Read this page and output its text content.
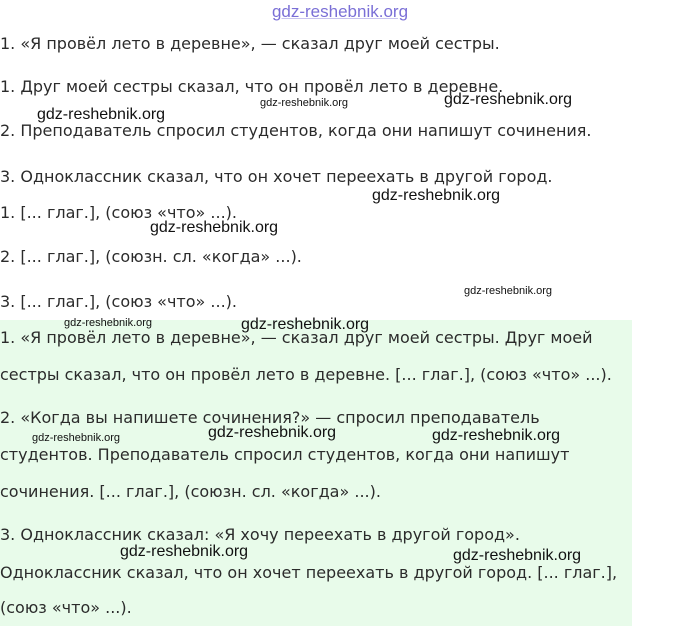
gdz-reshebnik.org
1. «Я провёл лето в деревне», — сказал друг моей сестры.
1. Друг моей сестры сказал, что он провёл лето в деревне.
2. Преподаватель спросил студентов, когда они напишут сочинения.
3. Одноклассник сказал, что он хочет переехать в другой город.
1. [... глаг.], (союз «что» ...).
2. [... глаг.], (союзн. сл. «когда» ...).
3. [... глаг.], (союз «что» ...).
1. «Я провёл лето в деревне», — сказал друг моей сестры. Друг моей
сестры сказал, что он провёл лето в деревне. [... глаг.], (союз «что» ...).
2. «Когда вы напишете сочинения?» — спросил преподаватель
студентов. Преподаватель спросил студентов, когда они напишут
сочинения. [... глаг.], (союзн. сл. «когда» ...).
3. Одноклассник сказал: «Я хочу переехать в другой город».
Одноклассник сказал, что он хочет переехать в другой город. [... глаг.],
(союз «что» ...).
gdz-reshebnik.org
gdz-reshebnik.org	gdz-reshebnik.org
gdz-reshebnik.org
gdz-reshebnik.org
gdz-reshebnik.org
gdz-reshebnik.org	gdz-reshebnik.org
gdz-reshebnik.org	gdz-reshebnik.org	gdz-reshebnik.org
gdz-reshebnik.org	gdz-reshebnik.org
